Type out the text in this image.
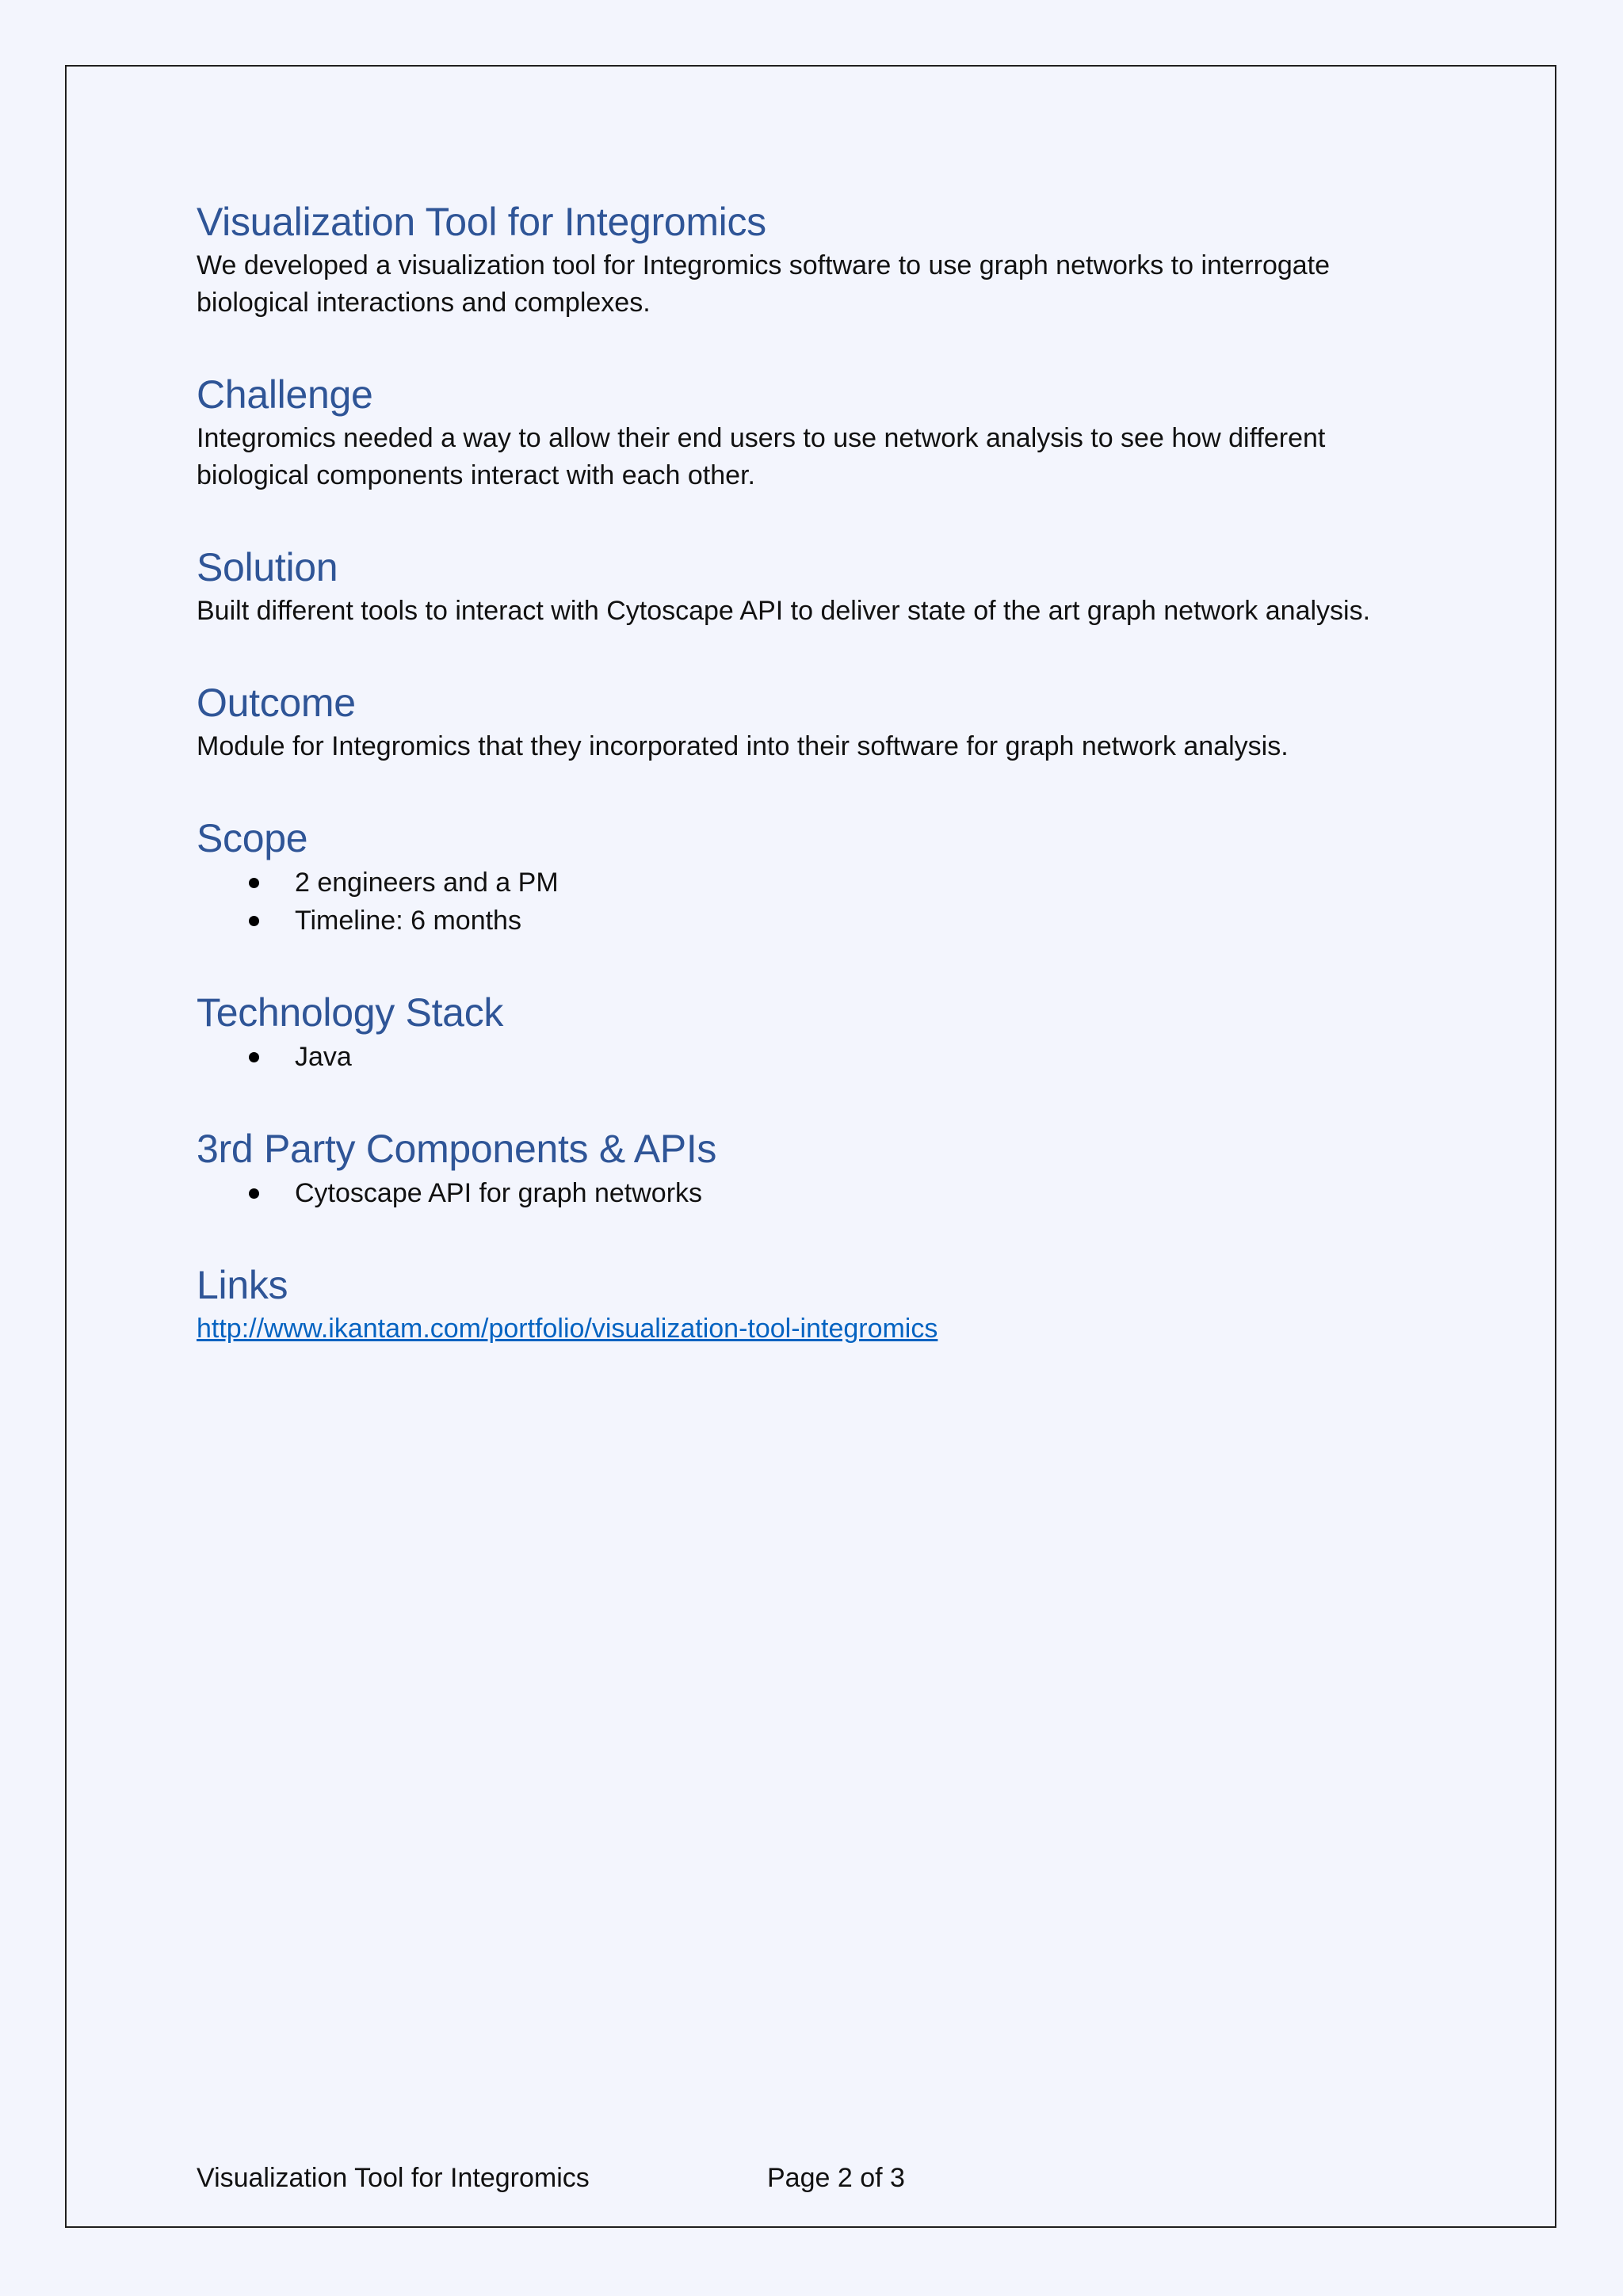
Visualization Tool for Integromics

We developed a visualization tool for Integromics software to use graph networks to interrogate biological interactions and complexes.

Challenge

Integromics needed a way to allow their end users to use network analysis to see how different biological components interact with each other.

Solution

Built different tools to interact with Cytoscape API to deliver state of the art graph network analysis.

Outcome

Module for Integromics that they incorporated into their software for graph network analysis.

Scope
2 engineers and a PM
Timeline: 6 months
Technology Stack
Java
3rd Party Components & APIs
Cytoscape API for graph networks
Links
http://www.ikantam.com/portfolio/visualization-tool-integromics
Visualization Tool for Integromics	Page 2 of 3
